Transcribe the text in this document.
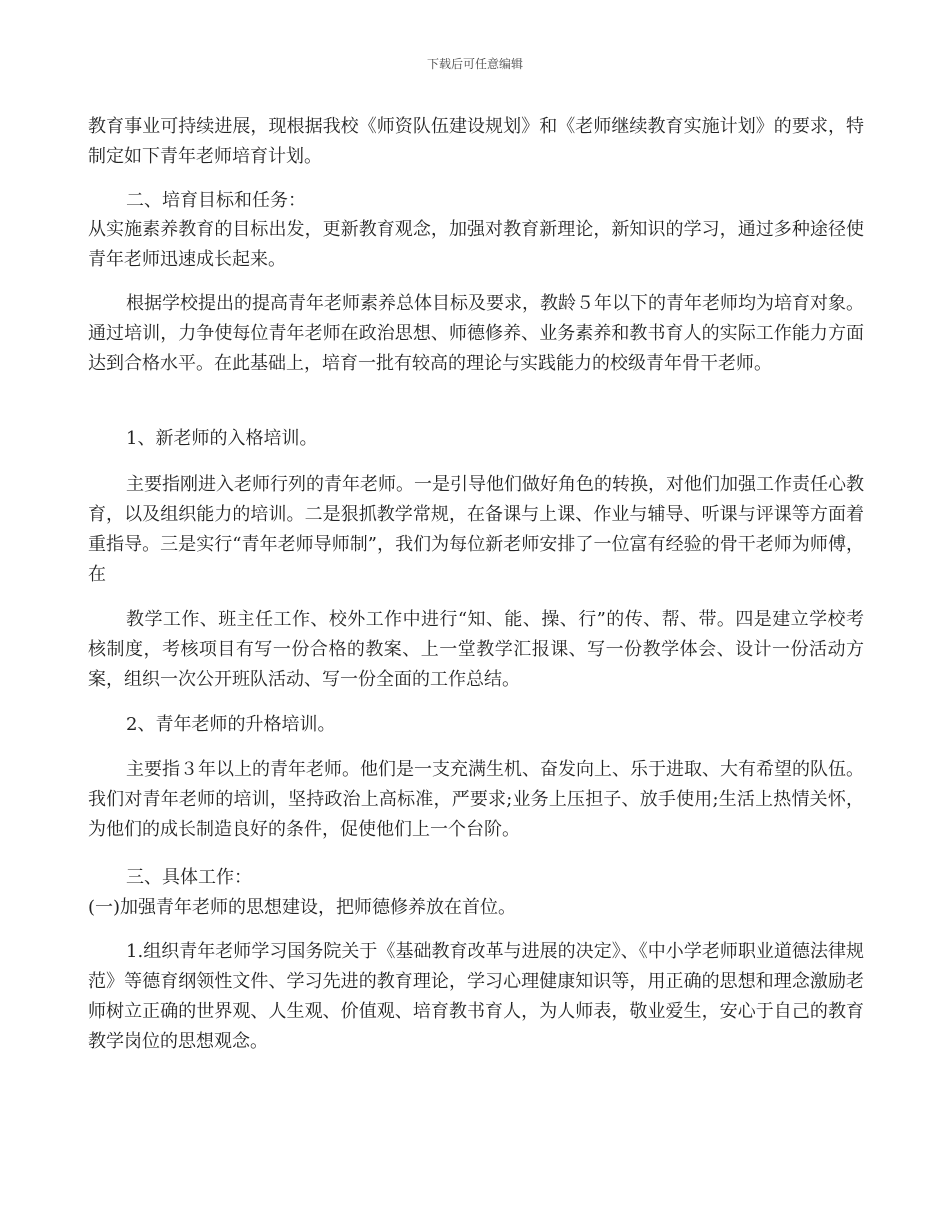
下载后可任意编辑

教育事业可持续进展，现根据我校《师资队伍建设规划》和《老师继续教育实施计划》的要求，特制定如下青年老师培育计划。

二、培育目标和任务：

从实施素养教育的目标出发，更新教育观念，加强对教育新理论，新知识的学习，通过多种途径使青年老师迅速成长起来。

根据学校提出的提高青年老师素养总体目标及要求，教龄５年以下的青年老师均为培育对象。通过培训，力争使每位青年老师在政治思想、师德修养、业务素养和教书育人的实际工作能力方面达到合格水平。在此基础上，培育一批有较高的理论与实践能力的校级青年骨干老师。

1、新老师的入格培训。

主要指刚进入老师行列的青年老师。一是引导他们做好角色的转换，对他们加强工作责任心教育，以及组织能力的培训。二是狠抓教学常规，在备课与上课、作业与辅导、听课与评课等方面着重指导。三是实行“青年老师导师制”，我们为每位新老师安排了一位富有经验的骨干老师为师傅，在

教学工作、班主任工作、校外工作中进行“知、能、操、行”的传、帮、带。四是建立学校考核制度，考核项目有写一份合格的教案、上一堂教学汇报课、写一份教学体会、设计一份活动方案，组织一次公开班队活动、写一份全面的工作总结。

2、青年老师的升格培训。

主要指３年以上的青年老师。他们是一支充满生机、奋发向上、乐于进取、大有希望的队伍。我们对青年老师的培训，坚持政治上高标准，严要求;业务上压担子、放手使用;生活上热情关怀，为他们的成长制造良好的条件，促使他们上一个台阶。

三、具体工作：

(一)加强青年老师的思想建设，把师德修养放在首位。

1.组织青年老师学习国务院关于《基础教育改革与进展的决定》、《中小学老师职业道德法律规范》等德育纲领性文件、学习先进的教育理论，学习心理健康知识等，用正确的思想和理念激励老师树立正确的世界观、人生观、价值观、培育教书育人，为人师表，敬业爱生，安心于自己的教育教学岗位的思想观念。
